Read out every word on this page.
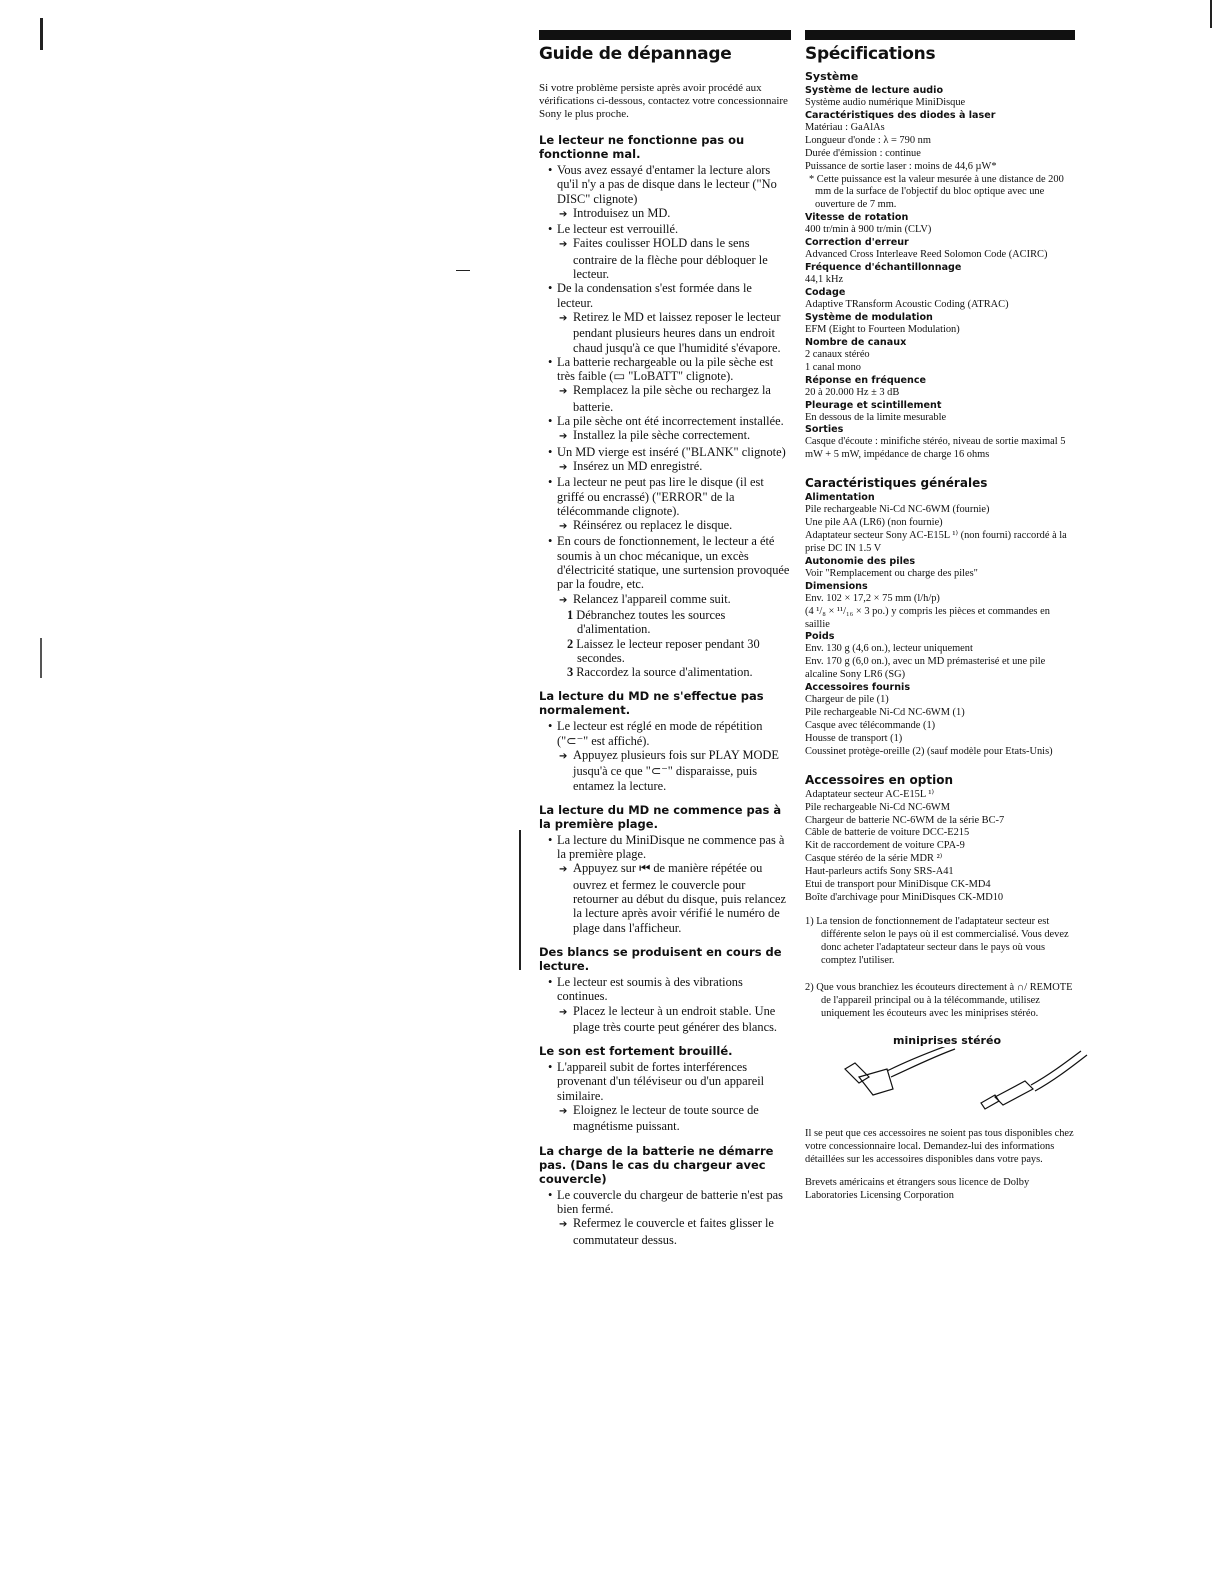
Guide de dépannage
Si votre problème persiste après avoir procédé aux vérifications ci-dessous, contactez votre concessionnaire Sony le plus proche.
Le lecteur ne fonctionne pas ou fonctionne mal.
• Vous avez essayé d'entamer la lecture alors qu'il n'y a pas de disque dans le lecteur ("No DISC" clignote)
➔ Introduisez un MD.
• Le lecteur est verrouillé.
➔ Faites coulisser HOLD dans le sens contraire de la flèche pour débloquer le lecteur.
• De la condensation s'est formée dans le lecteur.
➔ Retirez le MD et laissez reposer le lecteur pendant plusieurs heures dans un endroit chaud jusqu'à ce que l'humidité s'évapore.
• La batterie rechargeable ou la pile sèche est très faible (▭ "LoBATT" clignote).
➔ Remplacez la pile sèche ou rechargez la batterie.
• La pile sèche ont été incorrectement installée.
➔ Installez la pile sèche correctement.
• Un MD vierge est inséré ("BLANK" clignote)
➔ Insérez un MD enregistré.
• La lecteur ne peut pas lire le disque (il est griffé ou encrassé) ("ERROR" de la télécommande clignote).
➔ Réinsérez ou replacez le disque.
• En cours de fonctionnement, le lecteur a été soumis à un choc mécanique, un excès d'électricité statique, une surtension provoquée par la foudre, etc.
➔ Relancez l'appareil comme suit.
1 Débranchez toutes les sources d'alimentation.
2 Laissez le lecteur reposer pendant 30 secondes.
3 Raccordez la source d'alimentation.
La lecture du MD ne s'effectue pas normalement.
• Le lecteur est réglé en mode de répétition ("⊂⁻" est affiché).
➔ Appuyez plusieurs fois sur PLAY MODE jusqu'à ce que "⊂⁻" disparaisse, puis entamez la lecture.
La lecture du MD ne commence pas à la première plage.
• La lecture du MiniDisque ne commence pas à la première plage.
➔ Appuyez sur ⏮ de manière répétée ou ouvrez et fermez le couvercle pour retourner au début du disque, puis relancez la lecture après avoir vérifié le numéro de plage dans l'afficheur.
Des blancs se produisent en cours de lecture.
• Le lecteur est soumis à des vibrations continues.
➔ Placez le lecteur à un endroit stable. Une plage très courte peut générer des blancs.
Le son est fortement brouillé.
• L'appareil subit de fortes interférences provenant d'un téléviseur ou d'un appareil similaire.
➔ Eloignez le lecteur de toute source de magnétisme puissant.
La charge de la batterie ne démarre pas. (Dans le cas du chargeur avec couvercle)
• Le couvercle du chargeur de batterie n'est pas bien fermé.
➔ Refermez le couvercle et faites glisser le commutateur dessus.
Spécifications
Système
Système de lecture audio
Système audio numérique MiniDisque
Caractéristiques des diodes à laser
Matériau : GaAlAs
Longueur d'onde : λ = 790 nm
Durée d'émission : continue
Puissance de sortie laser : moins de 44,6 µW*
* Cette puissance est la valeur mesurée à une distance de 200 mm de la surface de l'objectif du bloc optique avec une ouverture de 7 mm.
Vitesse de rotation
400 tr/min à 900 tr/min (CLV)
Correction d'erreur
Advanced Cross Interleave Reed Solomon Code (ACIRC)
Fréquence d'échantillonnage
44,1 kHz
Codage
Adaptive TRansform Acoustic Coding (ATRAC)
Système de modulation
EFM (Eight to Fourteen Modulation)
Nombre de canaux
2 canaux stéréo
1 canal mono
Réponse en fréquence
20 à 20.000 Hz ± 3 dB
Pleurage et scintillement
En dessous de la limite mesurable
Sorties
Casque d'écoute : minifiche stéréo, niveau de sortie maximal 5 mW + 5 mW, impédance de charge 16 ohms
Caractéristiques générales
Alimentation
Pile rechargeable Ni-Cd NC-6WM (fournie)
Une pile AA (LR6) (non fournie)
Adaptateur secteur Sony AC-E15L ¹⁾ (non fourni) raccordé à la prise DC IN 1.5 V
Autonomie des piles
Voir "Remplacement ou charge des piles"
Dimensions
Env. 102 × 17,2 × 75 mm (l/h/p)
(4 ¹/₈ × ¹¹/₁₆ × 3 po.) y compris les pièces et commandes en saillie
Poids
Env. 130 g (4,6 on.), lecteur uniquement
Env. 170 g (6,0 on.), avec un MD prémasterisé et une pile alcaline Sony LR6 (SG)
Accessoires fournis
Chargeur de pile (1)
Pile rechargeable Ni-Cd NC-6WM (1)
Casque avec télécommande (1)
Housse de transport (1)
Coussinet protège-oreille (2) (sauf modèle pour Etats-Unis)
Accessoires en option
Adaptateur secteur AC-E15L ¹⁾
Pile rechargeable Ni-Cd NC-6WM
Chargeur de batterie NC-6WM de la série BC-7
Câble de batterie de voiture DCC-E215
Kit de raccordement de voiture CPA-9
Casque stéréo de la série MDR ²⁾
Haut-parleurs actifs Sony SRS-A41
Etui de transport pour MiniDisque CK-MD4
Boîte d'archivage pour MiniDisques CK-MD10
1) La tension de fonctionnement de l'adaptateur secteur est différente selon le pays où il est commercialisé. Vous devez donc acheter l'adaptateur secteur dans le pays où vous comptez l'utiliser.
2) Que vous branchiez les écouteurs directement à ∩/ REMOTE de l'appareil principal ou à la télécommande, utilisez uniquement les écouteurs avec les miniprises stéréo.
miniprises stéréo
Il se peut que ces accessoires ne soient pas tous disponibles chez votre concessionnaire local. Demandez-lui des informations détaillées sur les accessoires disponibles dans votre pays.
Brevets américains et étrangers sous licence de Dolby Laboratories Licensing Corporation
